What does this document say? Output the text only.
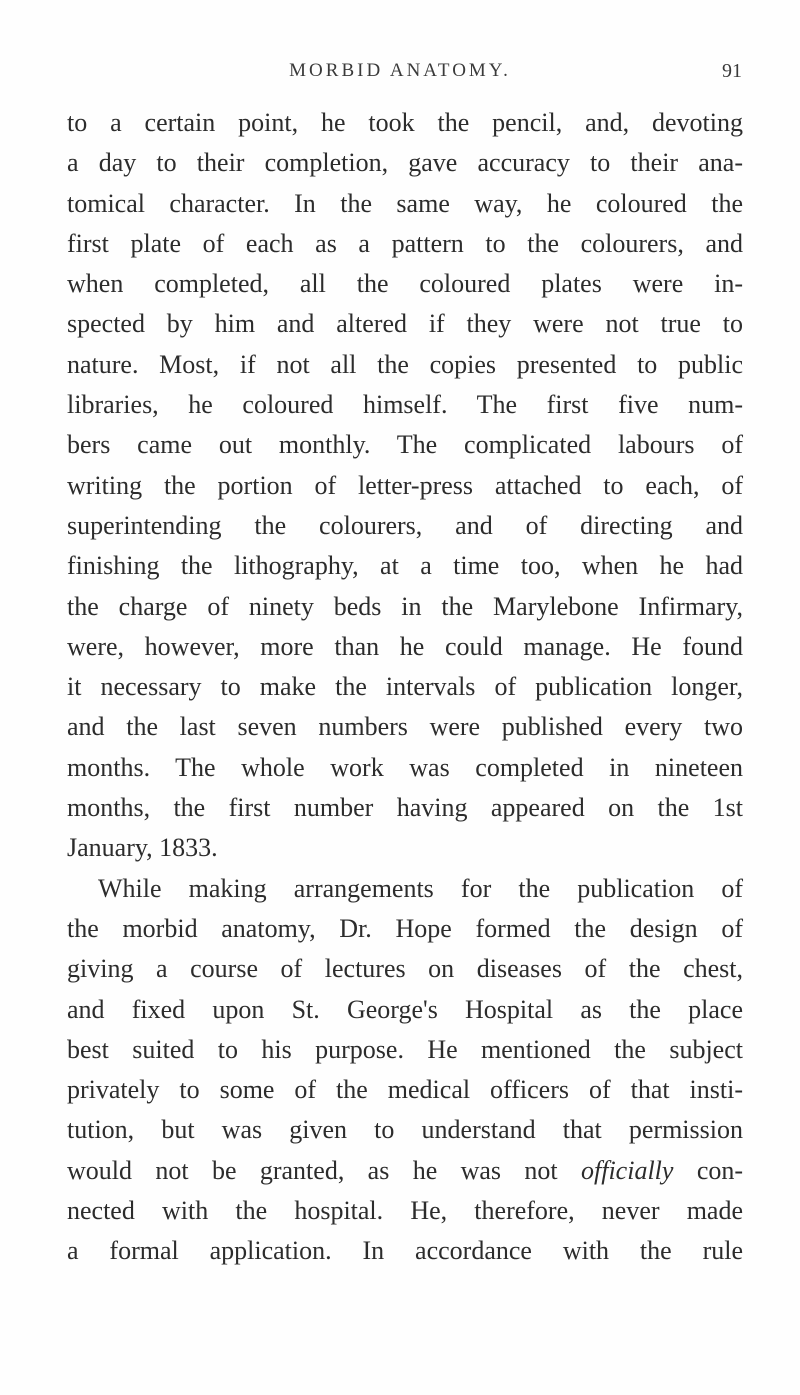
MORBID ANATOMY.	91
to a certain point, he took the pencil, and, devoting
a day to their completion, gave accuracy to their ana-
tomical character. In the same way, he coloured the
first plate of each as a pattern to the colourers, and
when completed, all the coloured plates were in-
spected by him and altered if they were not true to
nature. Most, if not all the copies presented to public
libraries, he coloured himself. The first five num-
bers came out monthly. The complicated labours of
writing the portion of letter-press attached to each, of
superintending the colourers, and of directing and
finishing the lithography, at a time too, when he had
the charge of ninety beds in the Marylebone Infirmary,
were, however, more than he could manage. He found
it necessary to make the intervals of publication longer,
and the last seven numbers were published every two
months. The whole work was completed in nineteen
months, the first number having appeared on the 1st
January, 1833.
While making arrangements for the publication of
the morbid anatomy, Dr. Hope formed the design of
giving a course of lectures on diseases of the chest,
and fixed upon St. George's Hospital as the place
best suited to his purpose. He mentioned the subject
privately to some of the medical officers of that insti-
tution, but was given to understand that permission
would not be granted, as he was not officially con-
nected with the hospital. He, therefore, never made
a formal application. In accordance with the rule
